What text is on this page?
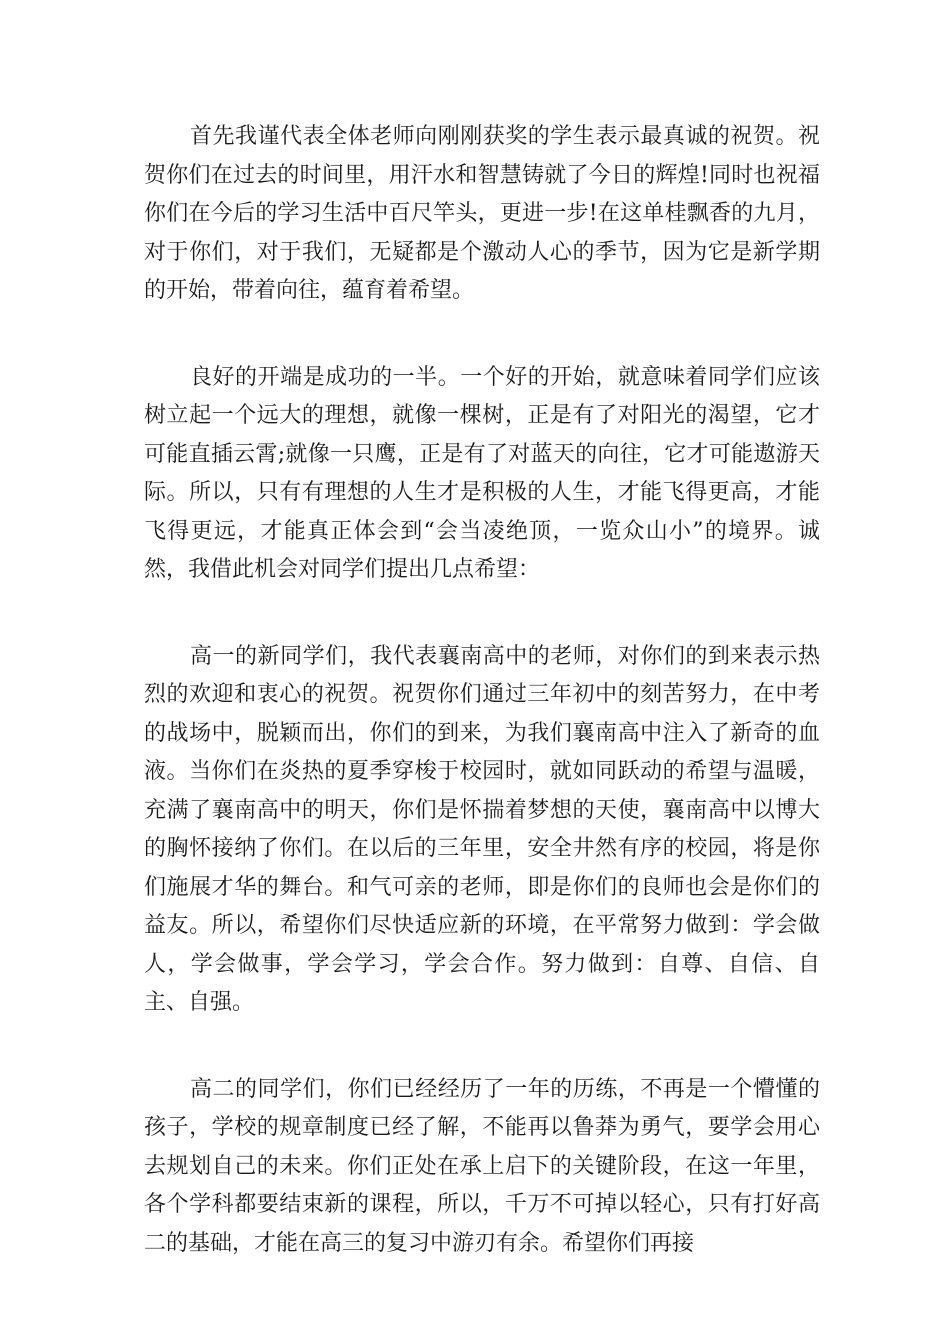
首先我谨代表全体老师向刚刚获奖的学生表示最真诚的祝贺。祝贺你们在过去的时间里，用汗水和智慧铸就了今日的辉煌!同时也祝福你们在今后的学习生活中百尺竿头，更进一步!在这单桂飘香的九月，对于你们，对于我们，无疑都是个激动人心的季节，因为它是新学期的开始，带着向往，蕴育着希望。

良好的开端是成功的一半。一个好的开始，就意味着同学们应该树立起一个远大的理想，就像一棵树，正是有了对阳光的渴望，它才可能直插云霄;就像一只鹰，正是有了对蓝天的向往，它才可能遨游天际。所以，只有有理想的人生才是积极的人生，才能飞得更高，才能飞得更远，才能真正体会到“会当凌绝顶，一览众山小”的境界。诚然，我借此机会对同学们提出几点希望：

高一的新同学们，我代表襄南高中的老师，对你们的到来表示热烈的欢迎和衷心的祝贺。祝贺你们通过三年初中的刻苦努力，在中考的战场中，脱颖而出，你们的到来，为我们襄南高中注入了新奇的血液。当你们在炎热的夏季穿梭于校园时，就如同跃动的希望与温暖，充满了襄南高中的明天，你们是怀揣着梦想的天使，襄南高中以博大的胸怀接纳了你们。在以后的三年里，安全井然有序的校园，将是你们施展才华的舞台。和气可亲的老师，即是你们的良师也会是你们的益友。所以，希望你们尽快适应新的环境，在平常努力做到：学会做人，学会做事，学会学习，学会合作。努力做到：自尊、自信、自主、自强。

高二的同学们，你们已经经历了一年的历练，不再是一个懵懂的孩子，学校的规章制度已经了解，不能再以鲁莽为勇气，要学会用心去规划自己的未来。你们正处在承上启下的关键阶段，在这一年里，各个学科都要结束新的课程，所以，千万不可掉以轻心，只有打好高二的基础，才能在高三的复习中游刃有余。希望你们再接
